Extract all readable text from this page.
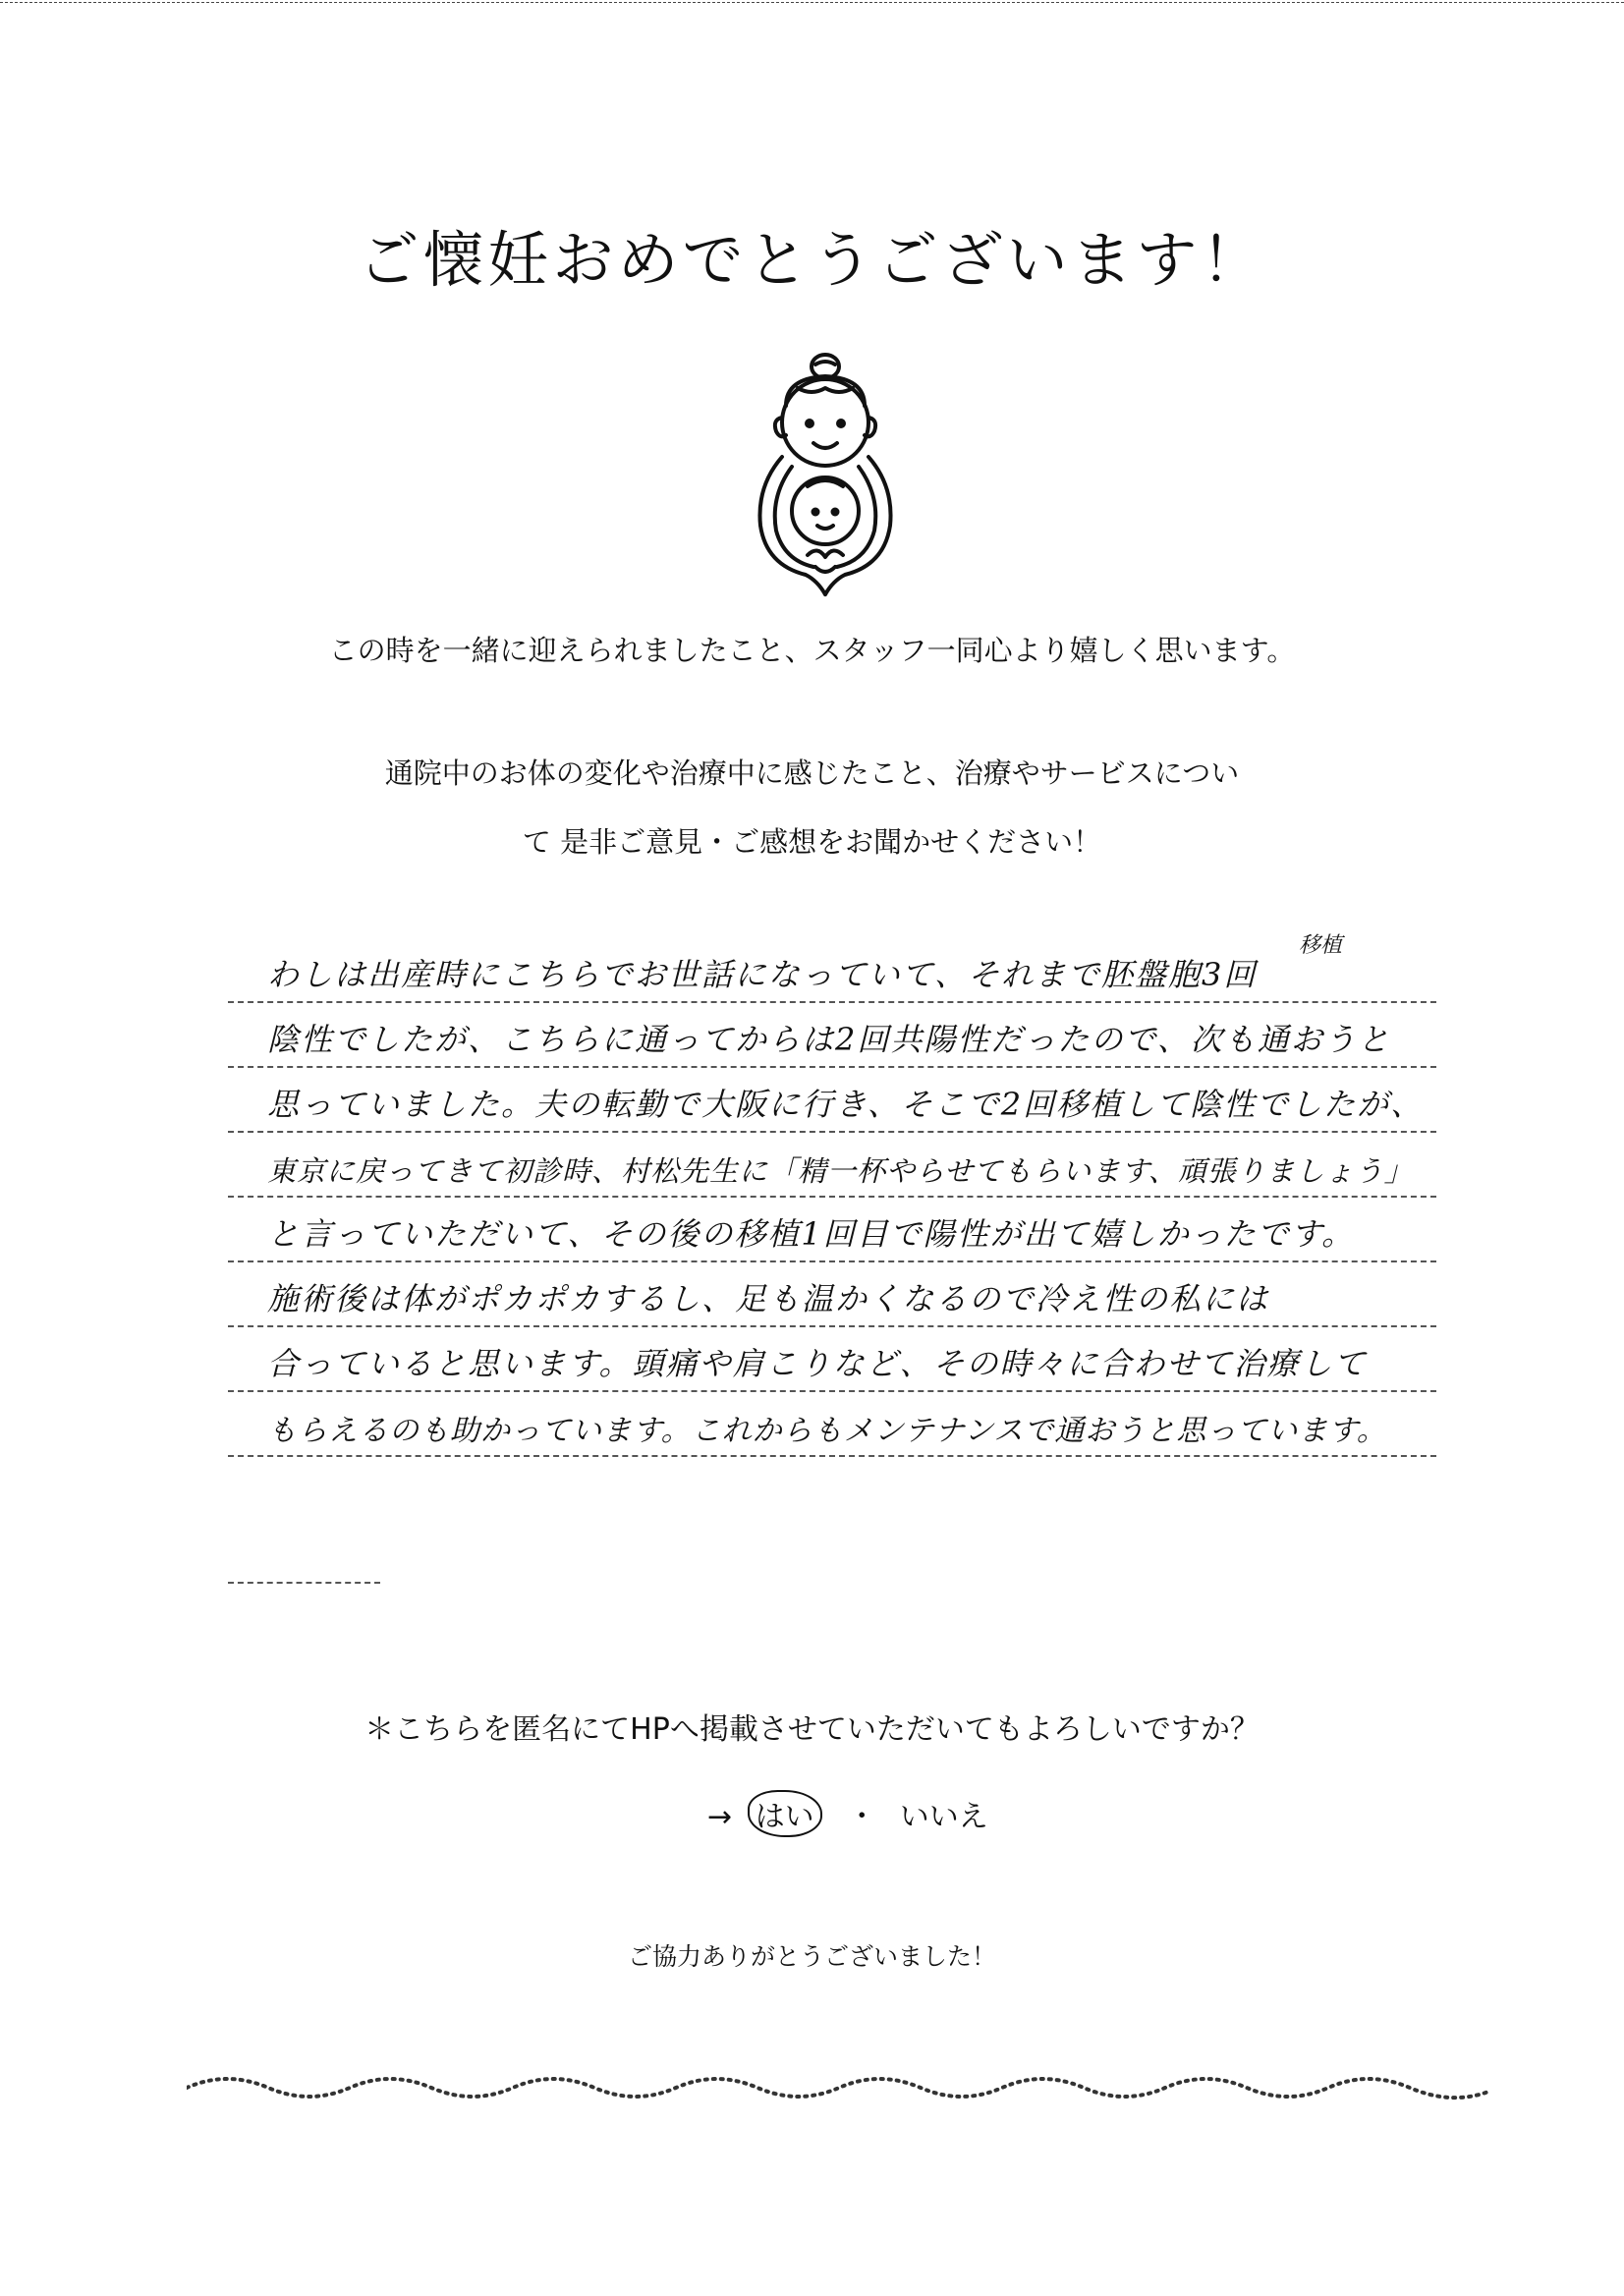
ご懐妊おめでとうございます！

この時を一緒に迎えられましたこと、スタッフ一同心より嬉しく思います。

通院中のお体の変化や治療中に感じたこと、治療やサービスについ

て 是非ご意見・ご感想をお聞かせください！

わしは出産時にこちらでお世話になっていて、それまで胚盤胞3回
移植
陰性でしたが、こちらに通ってからは2回共陽性だったので、次も通おうと
思っていました。夫の転勤で大阪に行き、そこで2回移植して陰性でしたが、
東京に戻ってきて初診時、村松先生に「精一杯やらせてもらいます、頑張りましょう」
と言っていただいて、その後の移植1回目で陽性が出て嬉しかったです。
施術後は体がポカポカするし、足も温かくなるので冷え性の私には
合っていると思います。頭痛や肩こりなど、その時々に合わせて治療して
もらえるのも助かっています。これからもメンテナンスで通おうと思っています。

＊こちらを匿名にてHPへ掲載させていただいてもよろしいですか？

→ はい ・ いいえ

ご協力ありがとうございました！
